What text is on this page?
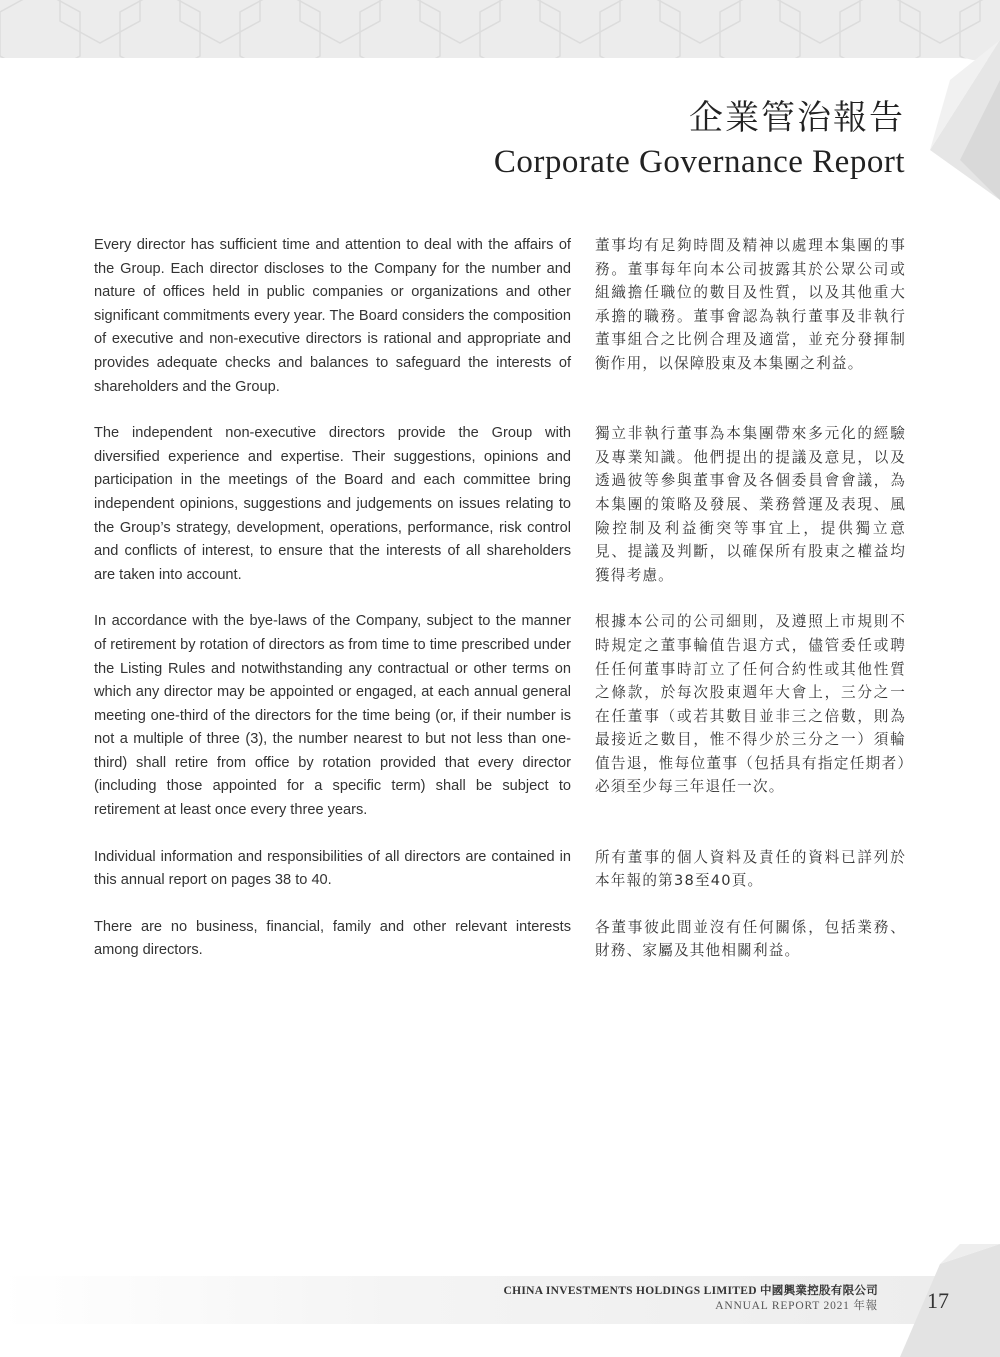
企業管治報告

Corporate Governance Report

Every director has sufficient time and attention to deal with the affairs of the Group. Each director discloses to the Company for the number and nature of offices held in public companies or organizations and other significant commitments every year. The Board considers the composition of executive and non-executive directors is rational and appropriate and provides adequate checks and balances to safeguard the interests of shareholders and the Group.

董事均有足夠時間及精神以處理本集團的事務。董事每年向本公司披露其於公眾公司或組織擔任職位的數目及性質，以及其他重大承擔的職務。董事會認為執行董事及非執行董事組合之比例合理及適當，並充分發揮制衡作用，以保障股東及本集團之利益。

The independent non-executive directors provide the Group with diversified experience and expertise. Their suggestions, opinions and participation in the meetings of the Board and each committee bring independent opinions, suggestions and judgements on issues relating to the Group’s strategy, development, operations, performance, risk control and conflicts of interest, to ensure that the interests of all shareholders are taken into account.

獨立非執行董事為本集團帶來多元化的經驗及專業知識。他們提出的提議及意見，以及透過彼等參與董事會及各個委員會會議，為本集團的策略及發展、業務營運及表現、風險控制及利益衝突等事宜上，提供獨立意見、提議及判斷，以確保所有股東之權益均獲得考慮。

In accordance with the bye-laws of the Company, subject to the manner of retirement by rotation of directors as from time to time prescribed under the Listing Rules and notwithstanding any contractual or other terms on which any director may be appointed or engaged, at each annual general meeting one-third of the directors for the time being (or, if their number is not a multiple of three (3), the number nearest to but not less than one-third) shall retire from office by rotation provided that every director (including those appointed for a specific term) shall be subject to retirement at least once every three years.

根據本公司的公司細則，及遵照上市規則不時規定之董事輪值告退方式，儘管委任或聘任任何董事時訂立了任何合約性或其他性質之條款，於每次股東週年大會上，三分之一在任董事（或若其數目並非三之倍數，則為最接近之數目，惟不得少於三分之一）須輪值告退，惟每位董事（包括具有指定任期者）必須至少每三年退任一次。

Individual information and responsibilities of all directors are contained in this annual report on pages 38 to 40.

所有董事的個人資料及責任的資料已詳列於本年報的第38至40頁。

There are no business, financial, family and other relevant interests among directors.

各董事彼此間並沒有任何關係，包括業務、財務、家屬及其他相關利益。

CHINA INVESTMENTS HOLDINGS LIMITED 中國興業控股有限公司
ANNUAL REPORT 2021 年報	17
